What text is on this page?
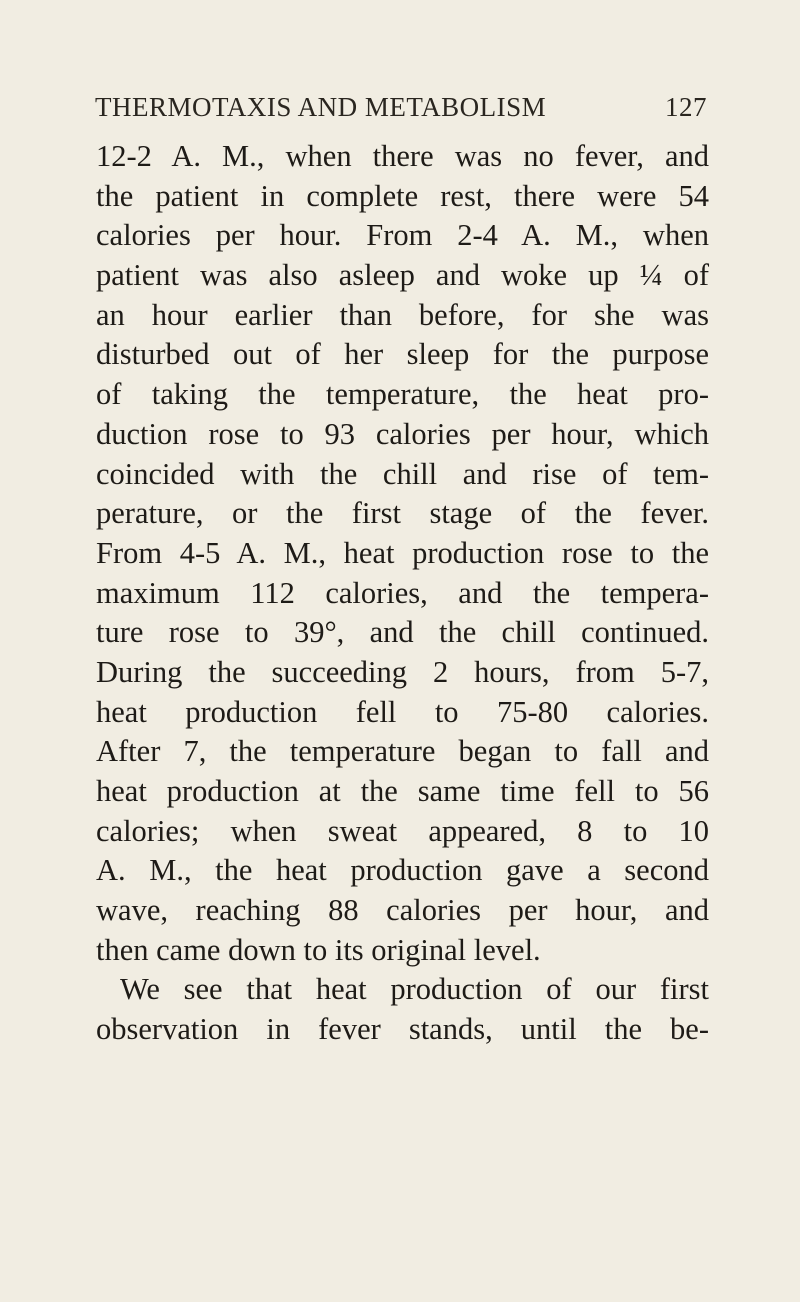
THERMOTAXIS AND METABOLISM	127
12-2 A. M., when there was no fever, and
the patient in complete rest, there were 54
calories per hour. From 2-4 A. M., when
patient was also asleep and woke up ¼ of
an hour earlier than before, for she was
disturbed out of her sleep for the purpose
of taking the temperature, the heat pro-
duction rose to 93 calories per hour, which
coincided with the chill and rise of tem-
perature, or the first stage of the fever.
From 4-5 A. M., heat production rose to the
maximum 112 calories, and the tempera-
ture rose to 39°, and the chill continued.
During the succeeding 2 hours, from 5-7,
heat production fell to 75-80 calories.
After 7, the temperature began to fall and
heat production at the same time fell to 56
calories; when sweat appeared, 8 to 10
A. M., the heat production gave a second
wave, reaching 88 calories per hour, and
then came down to its original level.
We see that heat production of our first
observation in fever stands, until the be-
